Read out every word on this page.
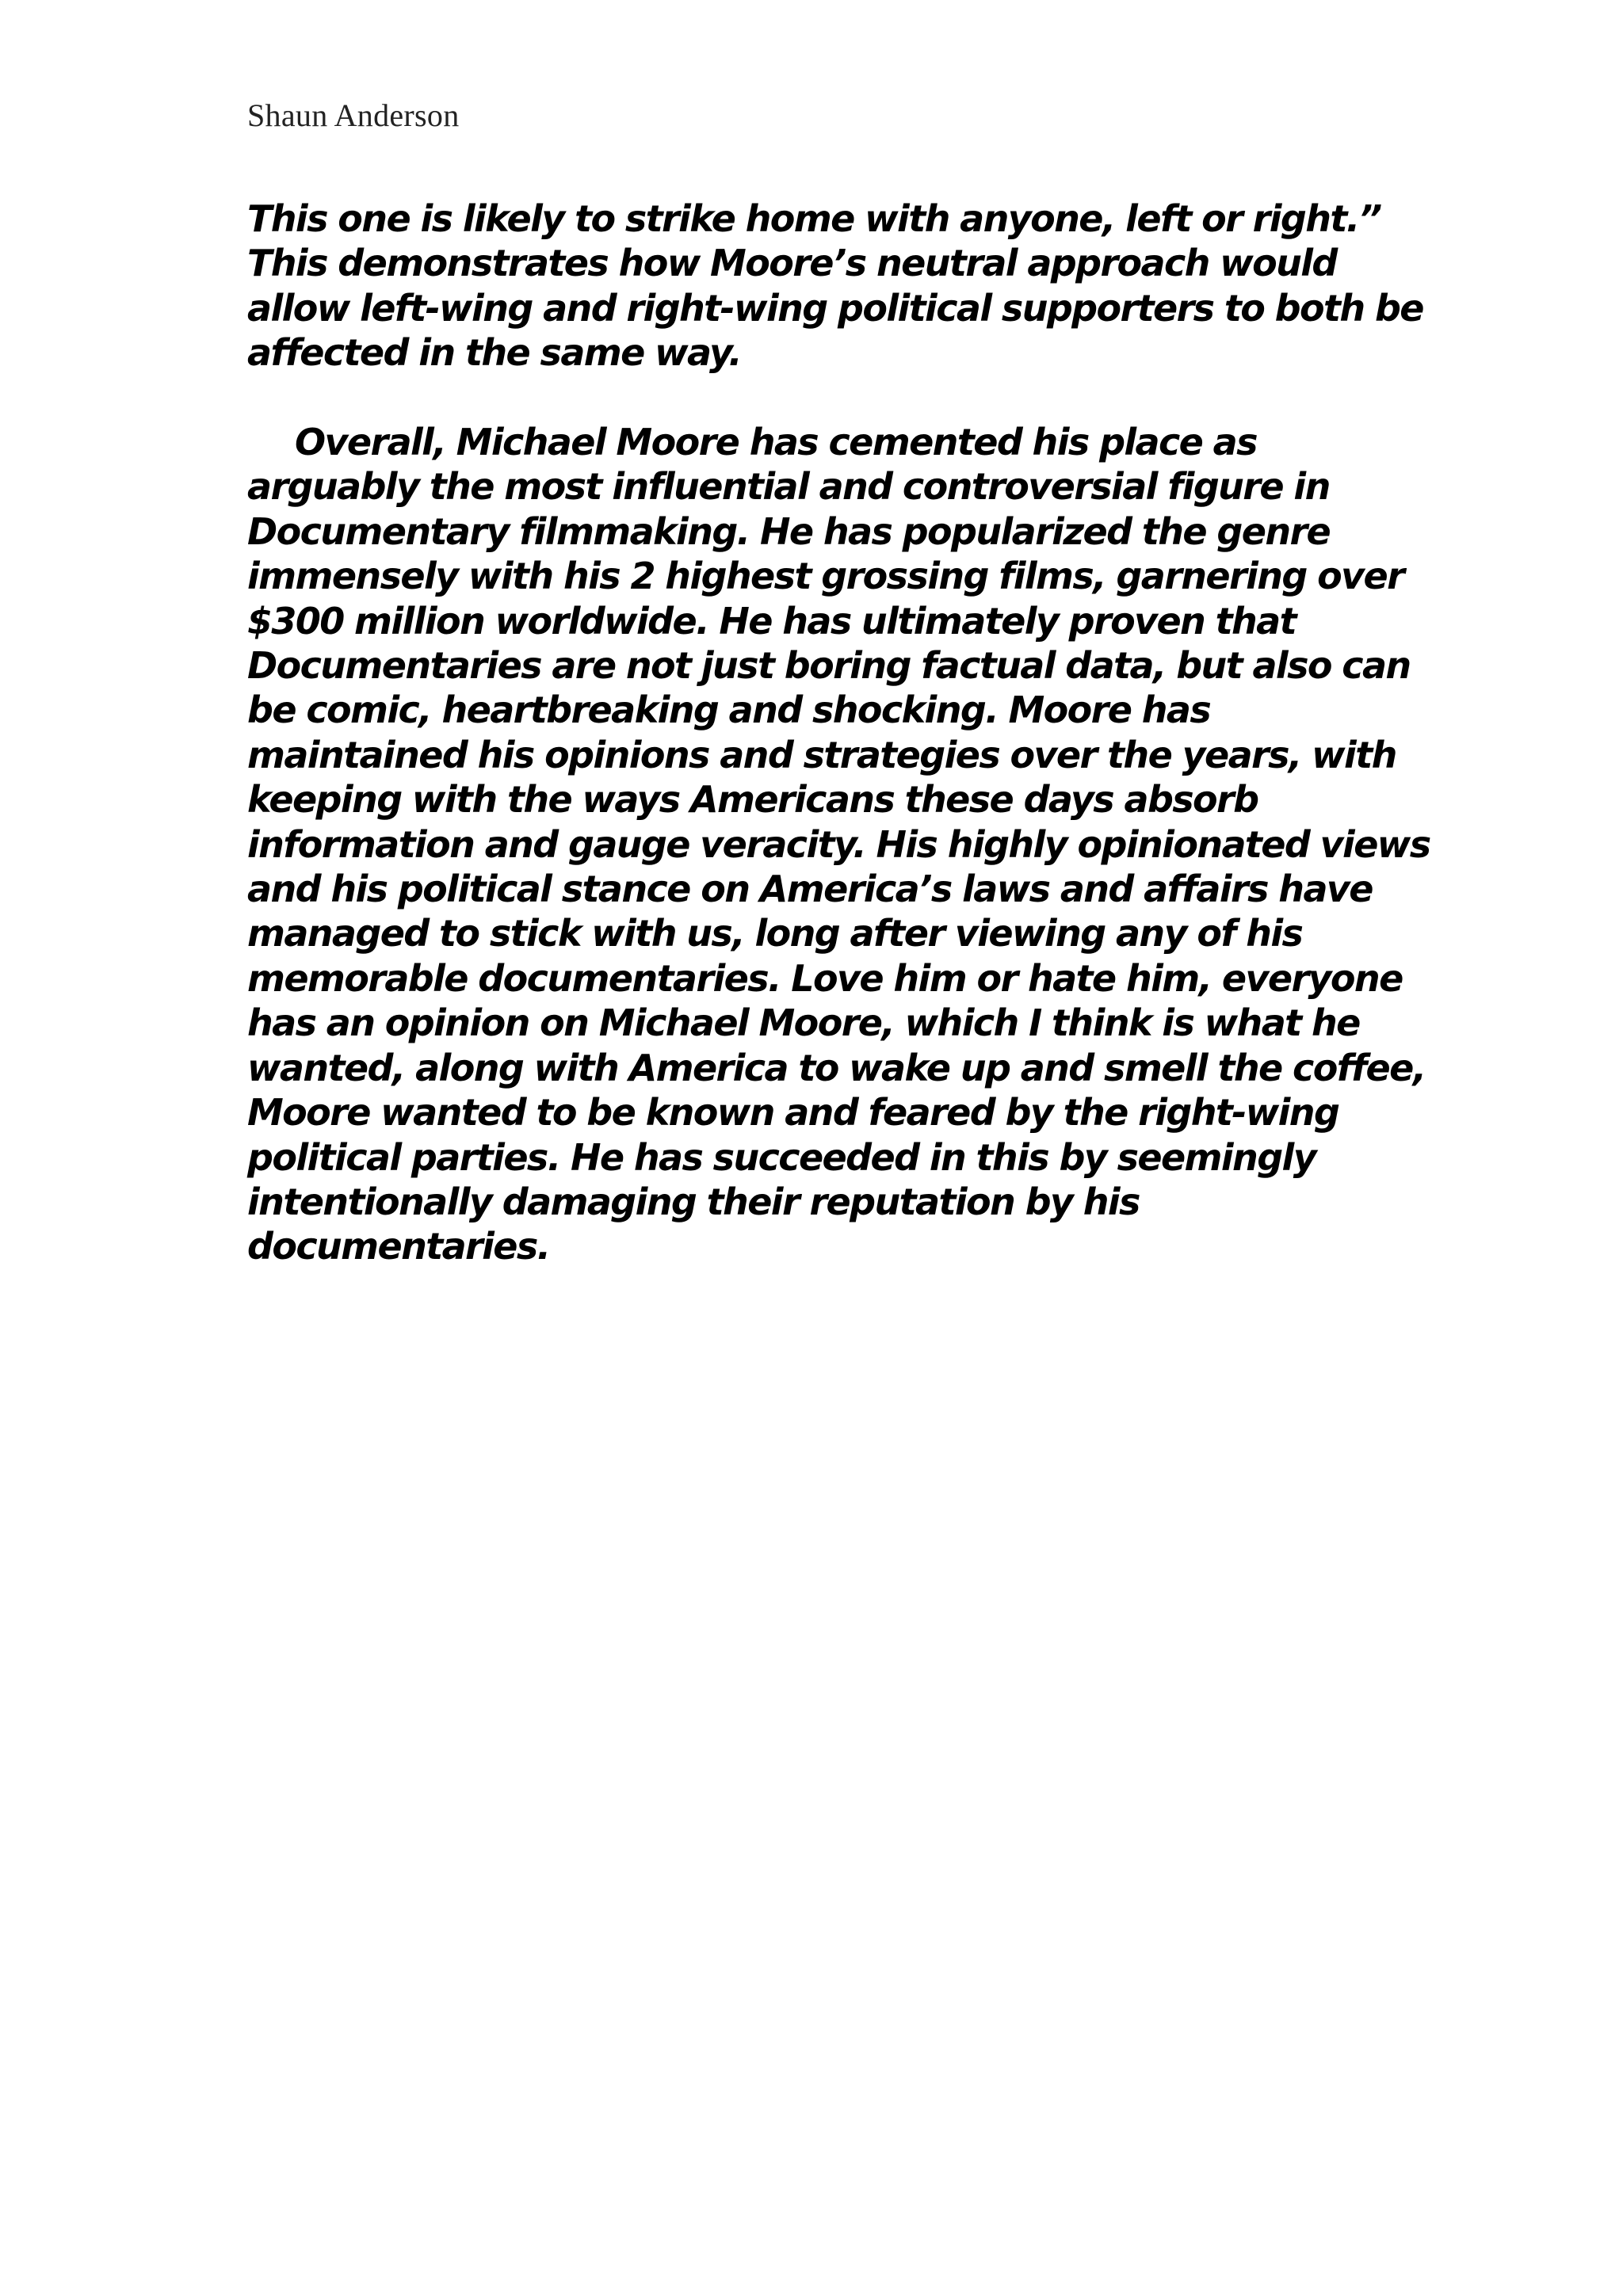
Shaun Anderson
This one is likely to strike home with anyone, left or right.”
This demonstrates how Moore’s neutral approach would
allow left-wing and right-wing political supporters to both be
affected in the same way.
Overall, Michael Moore has cemented his place as
arguably the most influential and controversial figure in
Documentary filmmaking. He has popularized the genre
immensely with his 2 highest grossing films, garnering over
$300 million worldwide. He has ultimately proven that
Documentaries are not just boring factual data, but also can
be comic, heartbreaking and shocking. Moore has
maintained his opinions and strategies over the years, with
keeping with the ways Americans these days absorb
information and gauge veracity. His highly opinionated views
and his political stance on America’s laws and affairs have
managed to stick with us, long after viewing any of his
memorable documentaries. Love him or hate him, everyone
has an opinion on Michael Moore, which I think is what he
wanted, along with America to wake up and smell the coffee,
Moore wanted to be known and feared by the right-wing
political parties. He has succeeded in this by seemingly
intentionally damaging their reputation by his
documentaries.
